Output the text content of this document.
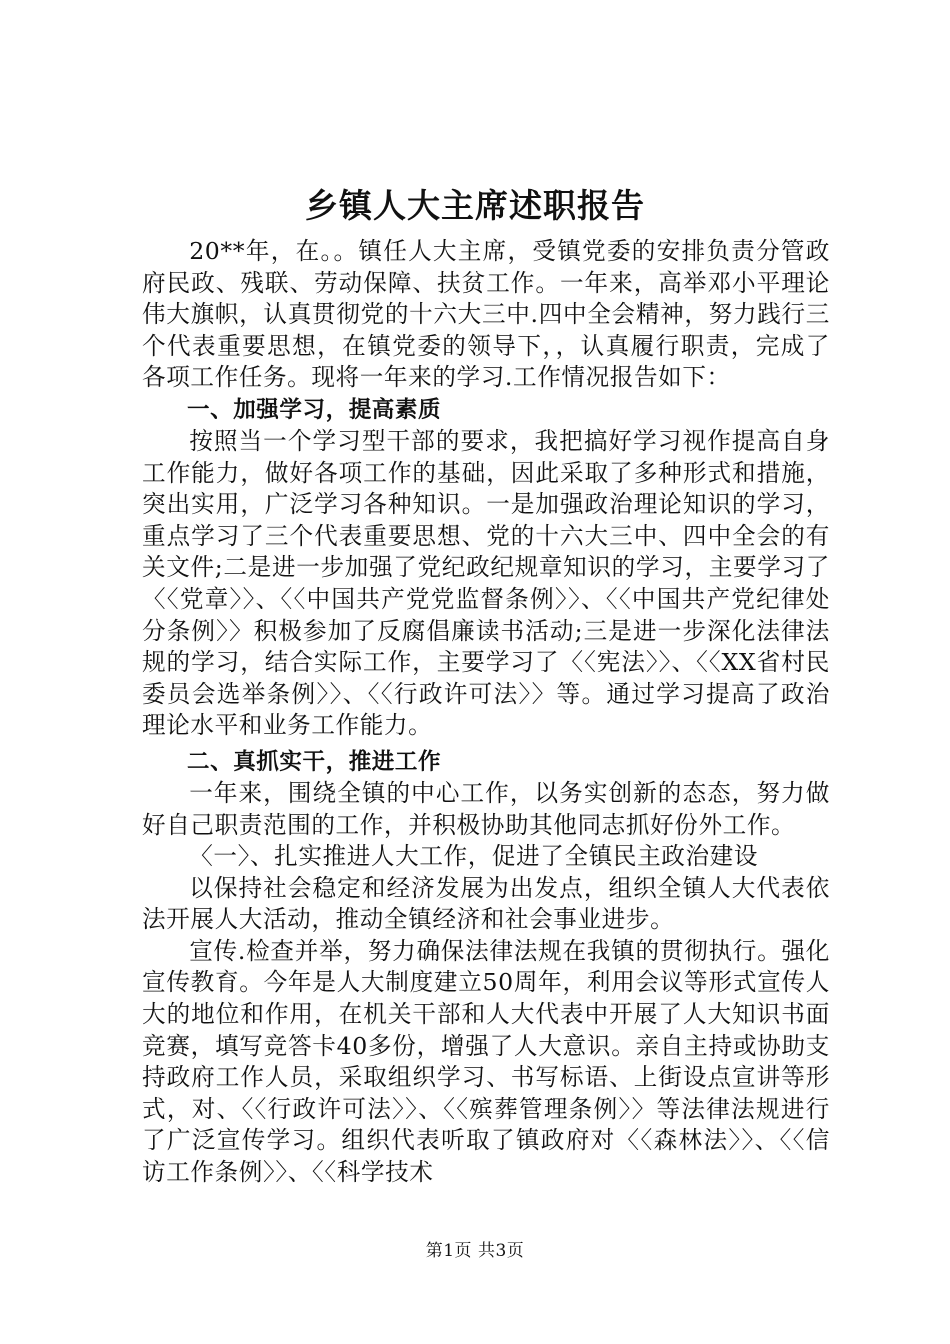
乡镇人大主席述职报告

20**年，在。。镇任人大主席，受镇党委的安排负责分管政府民政、残联、劳动保障、扶贫工作。一年来，高举邓小平理论伟大旗帜，认真贯彻党的十六大三中.四中全会精神，努力践行三个代表重要思想，在镇党委的领导下，，认真履行职责，完成了各项工作任务。现将一年来的学习.工作情况报告如下：

一、加强学习，提高素质

按照当一个学习型干部的要求，我把搞好学习视作提高自身工作能力，做好各项工作的基础，因此采取了多种形式和措施，突出实用，广泛学习各种知识。一是加强政治理论知识的学习，重点学习了三个代表重要思想、党的十六大三中、四中全会的有关文件;二是进一步加强了党纪政纪规章知识的学习，主要学习了〈〈党章〉〉、〈〈中国共产党党监督条例〉〉、〈〈中国共产党纪律处分条例〉〉积极参加了反腐倡廉读书活动;三是进一步深化法律法规的学习，结合实际工作，主要学习了〈〈宪法〉〉、〈〈XX省村民委员会选举条例〉〉、〈〈行政许可法〉〉等。通过学习提高了政治理论水平和业务工作能力。

二、真抓实干，推进工作

一年来，围绕全镇的中心工作，以务实创新的态态，努力做好自己职责范围的工作，并积极协助其他同志抓好份外工作。

〈一〉、扎实推进人大工作，促进了全镇民主政治建设

以保持社会稳定和经济发展为出发点，组织全镇人大代表依法开展人大活动，推动全镇经济和社会事业进步。

宣传.检查并举，努力确保法律法规在我镇的贯彻执行。强化宣传教育。今年是人大制度建立50周年，利用会议等形式宣传人大的地位和作用，在机关干部和人大代表中开展了人大知识书面竞赛，填写竞答卡40多份，增强了人大意识。亲自主持或协助支持政府工作人员，采取组织学习、书写标语、上街设点宣讲等形式，对、〈〈行政许可法〉〉、〈〈殡葬管理条例〉〉等法律法规进行了广泛宣传学习。组织代表听取了镇政府对〈〈森林法〉〉、〈〈信访工作条例〉〉、〈〈科学技术

第1页 共3页
